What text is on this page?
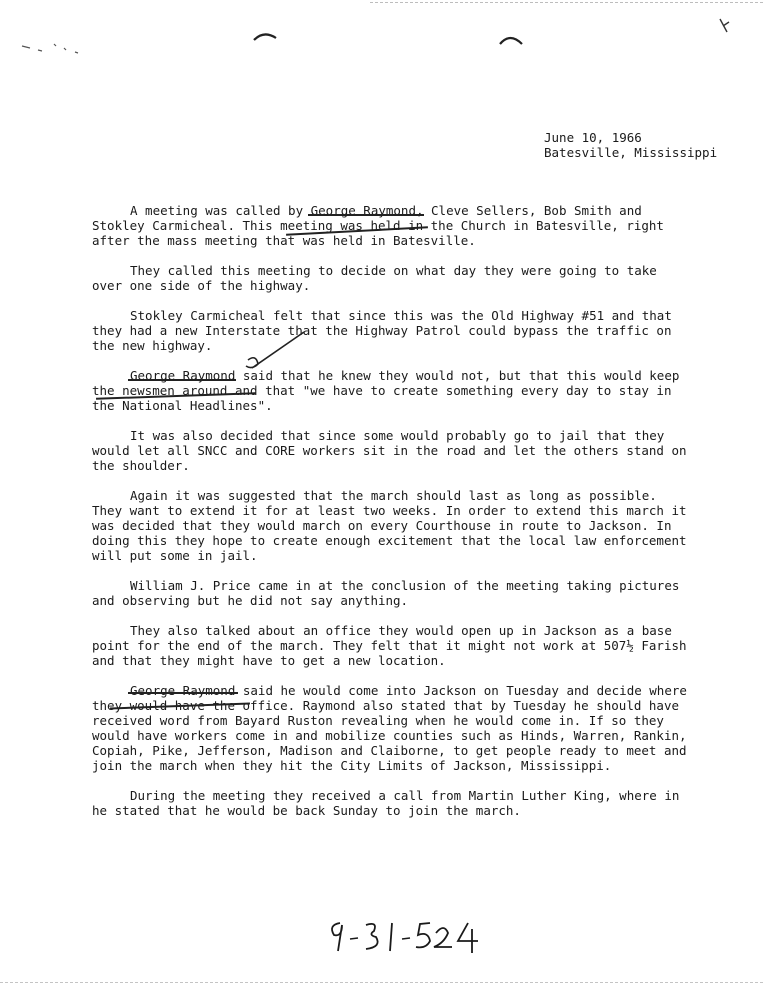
June 10, 1966
Batesville, Mississippi

A meeting was called by George Raymond, Cleve Sellers, Bob Smith and Stokley Carmicheal. This meeting was held in the Church in Batesville, right after the mass meeting that was held in Batesville.

They called this meeting to decide on what day they were going to take over one side of the highway.

Stokley Carmicheal felt that since this was the Old Highway #51 and that they had a new Interstate that the Highway Patrol could bypass the traffic on the new highway.

George Raymond said that he knew they would not, but that this would keep the newsmen around and that "we have to create something every day to stay in the National Headlines".

It was also decided that since some would probably go to jail that they would let all SNCC and CORE workers sit in the road and let the others stand on the shoulder.

Again it was suggested that the march should last as long as possible. They want to extend it for at least two weeks. In order to extend this march it was decided that they would march on every Courthouse in route to Jackson. In doing this they hope to create enough excitement that the local law enforcement will put some in jail.

William J. Price came in at the conclusion of the meeting taking pictures and observing but he did not say anything.

They also talked about an office they would open up in Jackson as a base point for the end of the march. They felt that it might not work at 507½ Farish and that they might have to get a new location.

George Raymond said he would come into Jackson on Tuesday and decide where they would have the office. Raymond also stated that by Tuesday he should have received word from Bayard Ruston revealing when he would come in. If so they would have workers come in and mobilize counties such as Hinds, Warren, Rankin, Copiah, Pike, Jefferson, Madison and Claiborne, to get people ready to meet and join the march when they hit the City Limits of Jackson, Mississippi.

During the meeting they received a call from Martin Luther King, where in he stated that he would be back Sunday to join the march.
